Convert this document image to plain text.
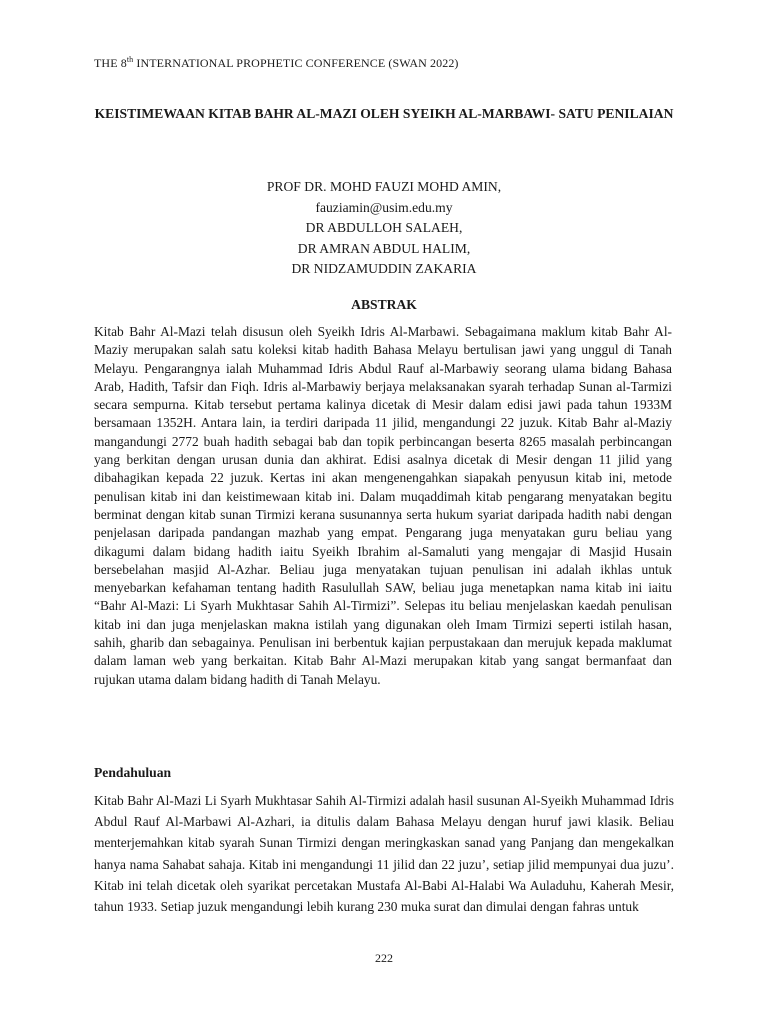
THE 8th INTERNATIONAL PROPHETIC CONFERENCE (SWAN 2022)
KEISTIMEWAAN KITAB BAHR AL-MAZI OLEH SYEIKH AL-MARBAWI- SATU PENILAIAN
PROF DR. MOHD FAUZI MOHD AMIN,
fauziamin@usim.edu.my
DR ABDULLOH SALAEH,
DR AMRAN ABDUL HALIM,
DR NIDZAMUDDIN ZAKARIA
ABSTRAK
Kitab Bahr Al-Mazi telah disusun oleh Syeikh Idris Al-Marbawi. Sebagaimana maklum kitab Bahr Al-Maziy merupakan salah satu koleksi kitab hadith Bahasa Melayu bertulisan jawi yang unggul di Tanah Melayu. Pengarangnya ialah Muhammad Idris Abdul Rauf al-Marbawiy seorang ulama bidang Bahasa Arab, Hadith, Tafsir dan Fiqh. Idris al-Marbawiy berjaya melaksanakan syarah terhadap Sunan al-Tarmizi secara sempurna. Kitab tersebut pertama kalinya dicetak di Mesir dalam edisi jawi pada tahun 1933M bersamaan 1352H. Antara lain, ia terdiri daripada 11 jilid, mengandungi 22 juzuk. Kitab Bahr al-Maziy mangandungi 2772 buah hadith sebagai bab dan topik perbincangan beserta 8265 masalah perbincangan yang berkitan dengan urusan dunia dan akhirat. Edisi asalnya dicetak di Mesir dengan 11 jilid yang dibahagikan kepada 22 juzuk. Kertas ini akan mengenengahkan siapakah penyusun kitab ini, metode penulisan kitab ini dan keistimewaan kitab ini. Dalam muqaddimah kitab pengarang menyatakan begitu berminat dengan kitab sunan Tirmizi kerana susunannya serta hukum syariat daripada hadith nabi dengan penjelasan daripada pandangan mazhab yang empat. Pengarang juga menyatakan guru beliau yang dikagumi dalam bidang hadith iaitu Syeikh Ibrahim al-Samaluti yang mengajar di Masjid Husain bersebelahan masjid Al-Azhar. Beliau juga menyatakan tujuan penulisan ini adalah ikhlas untuk menyebarkan kefahaman tentang hadith Rasulullah SAW, beliau juga menetapkan nama kitab ini iaitu “Bahr Al-Mazi: Li Syarh Mukhtasar Sahih Al-Tirmizi”. Selepas itu beliau menjelaskan kaedah penulisan kitab ini dan juga menjelaskan makna istilah yang digunakan oleh Imam Tirmizi seperti istilah hasan, sahih, gharib dan sebagainya. Penulisan ini berbentuk kajian perpustakaan dan merujuk kepada maklumat dalam laman web yang berkaitan. Kitab Bahr Al-Mazi merupakan kitab yang sangat bermanfaat dan rujukan utama dalam bidang hadith di Tanah Melayu.
Pendahuluan
Kitab Bahr Al-Mazi Li Syarh Mukhtasar Sahih Al-Tirmizi adalah hasil susunan Al-Syeikh Muhammad Idris Abdul Rauf Al-Marbawi Al-Azhari, ia ditulis dalam Bahasa Melayu dengan huruf jawi klasik. Beliau menterjemahkan kitab syarah Sunan Tirmizi dengan meringkaskan sanad yang Panjang dan mengekalkan hanya nama Sahabat sahaja. Kitab ini mengandungi 11 jilid dan 22 juzu’, setiap jilid mempunyai dua juzu’. Kitab ini telah dicetak oleh syarikat percetakan Mustafa Al-Babi Al-Halabi Wa Auladuhu, Kaherah Mesir, tahun 1933. Setiap juzuk mengandungi lebih kurang 230 muka surat dan dimulai dengan fahras untuk
222
